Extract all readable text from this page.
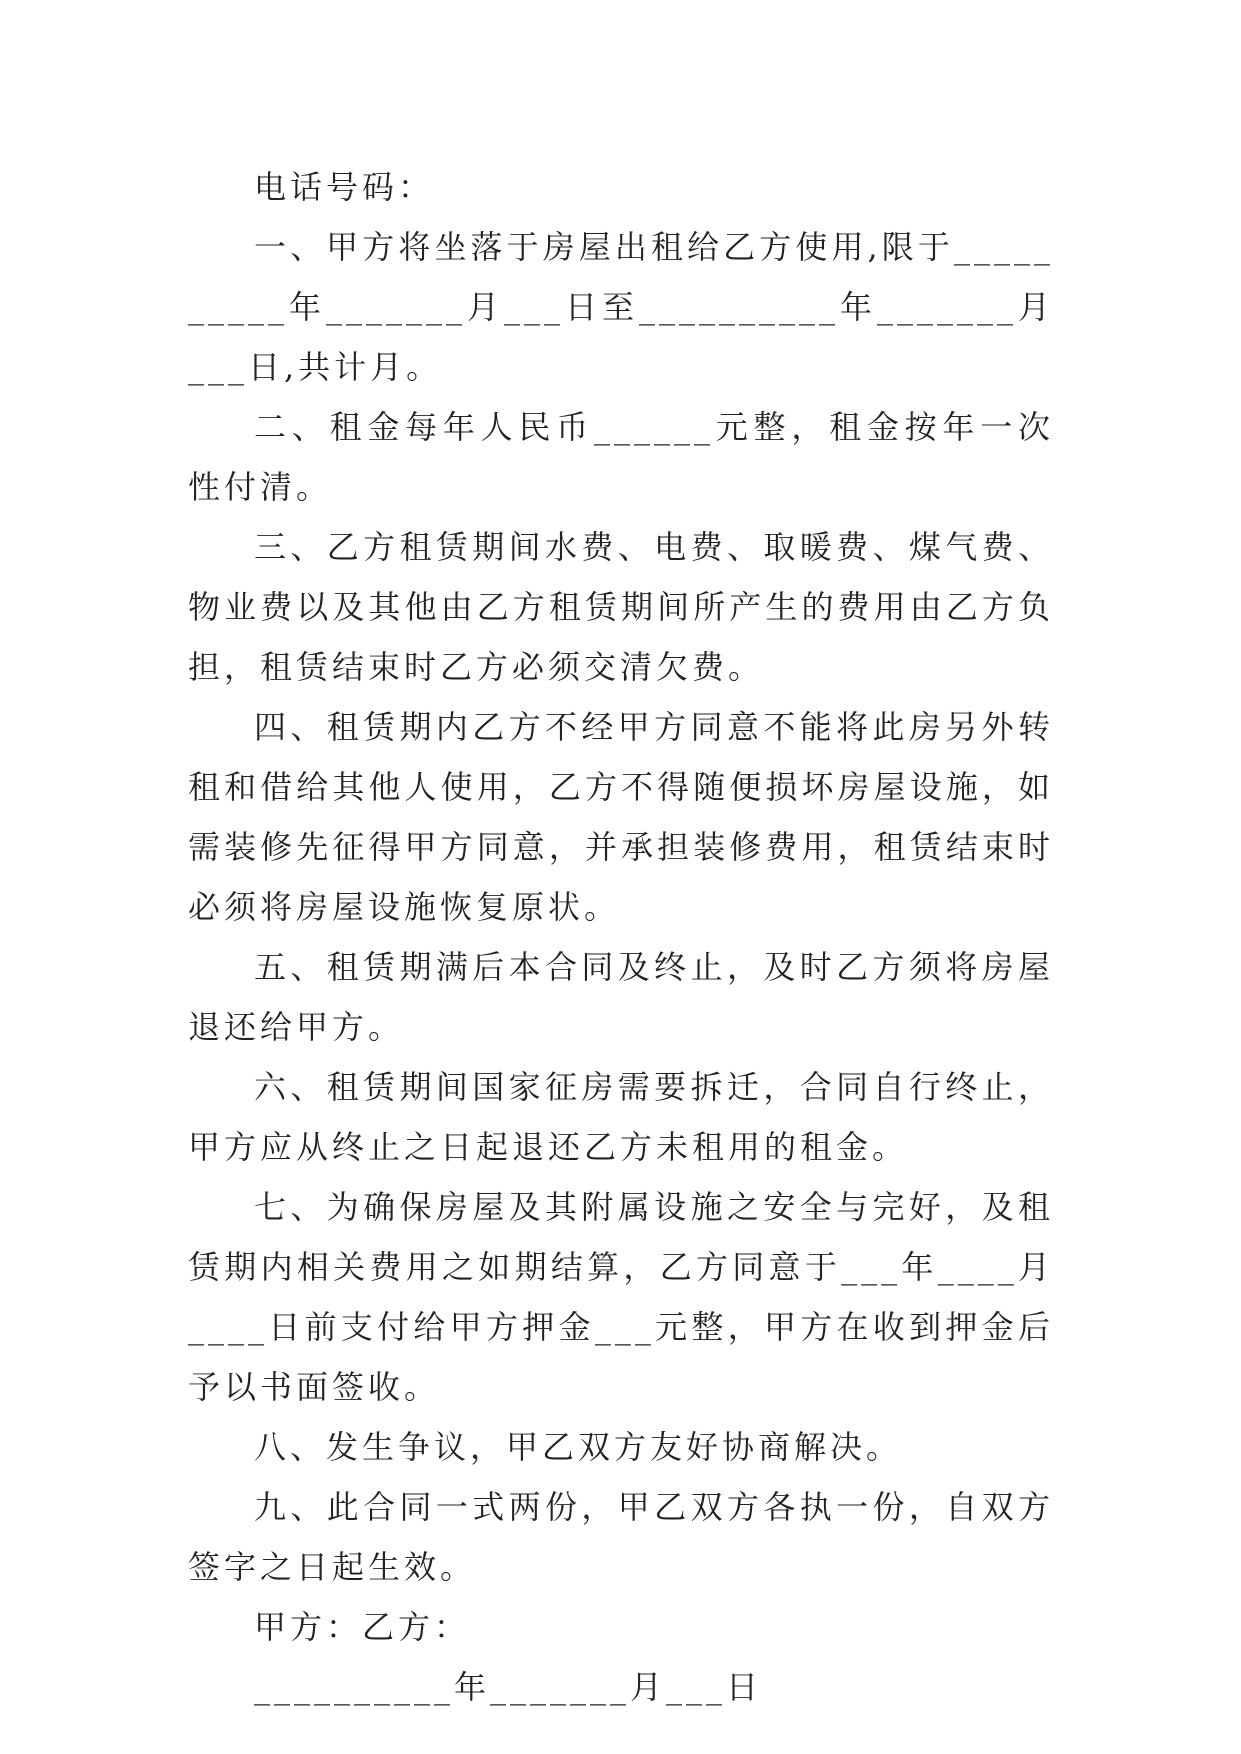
电话号码：

一、甲方将坐落于房屋出租给乙方使用,限于__________年_______月___日至__________年_______月___日,共计月。

二、租金每年人民币______元整，租金按年一次性付清。

三、乙方租赁期间水费、电费、取暖费、煤气费、物业费以及其他由乙方租赁期间所产生的费用由乙方负担，租赁结束时乙方必须交清欠费。

四、租赁期内乙方不经甲方同意不能将此房另外转租和借给其他人使用，乙方不得随便损坏房屋设施，如需装修先征得甲方同意，并承担装修费用，租赁结束时必须将房屋设施恢复原状。

五、租赁期满后本合同及终止，及时乙方须将房屋退还给甲方。

六、租赁期间国家征房需要拆迁，合同自行终止，甲方应从终止之日起退还乙方未租用的租金。

七、为确保房屋及其附属设施之安全与完好，及租赁期内相关费用之如期结算，乙方同意于___年____月____日前支付给甲方押金___元整，甲方在收到押金后予以书面签收。

八、发生争议，甲乙双方友好协商解决。

九、此合同一式两份，甲乙双方各执一份，自双方签字之日起生效。

甲方：乙方：

__________年_______月___日
